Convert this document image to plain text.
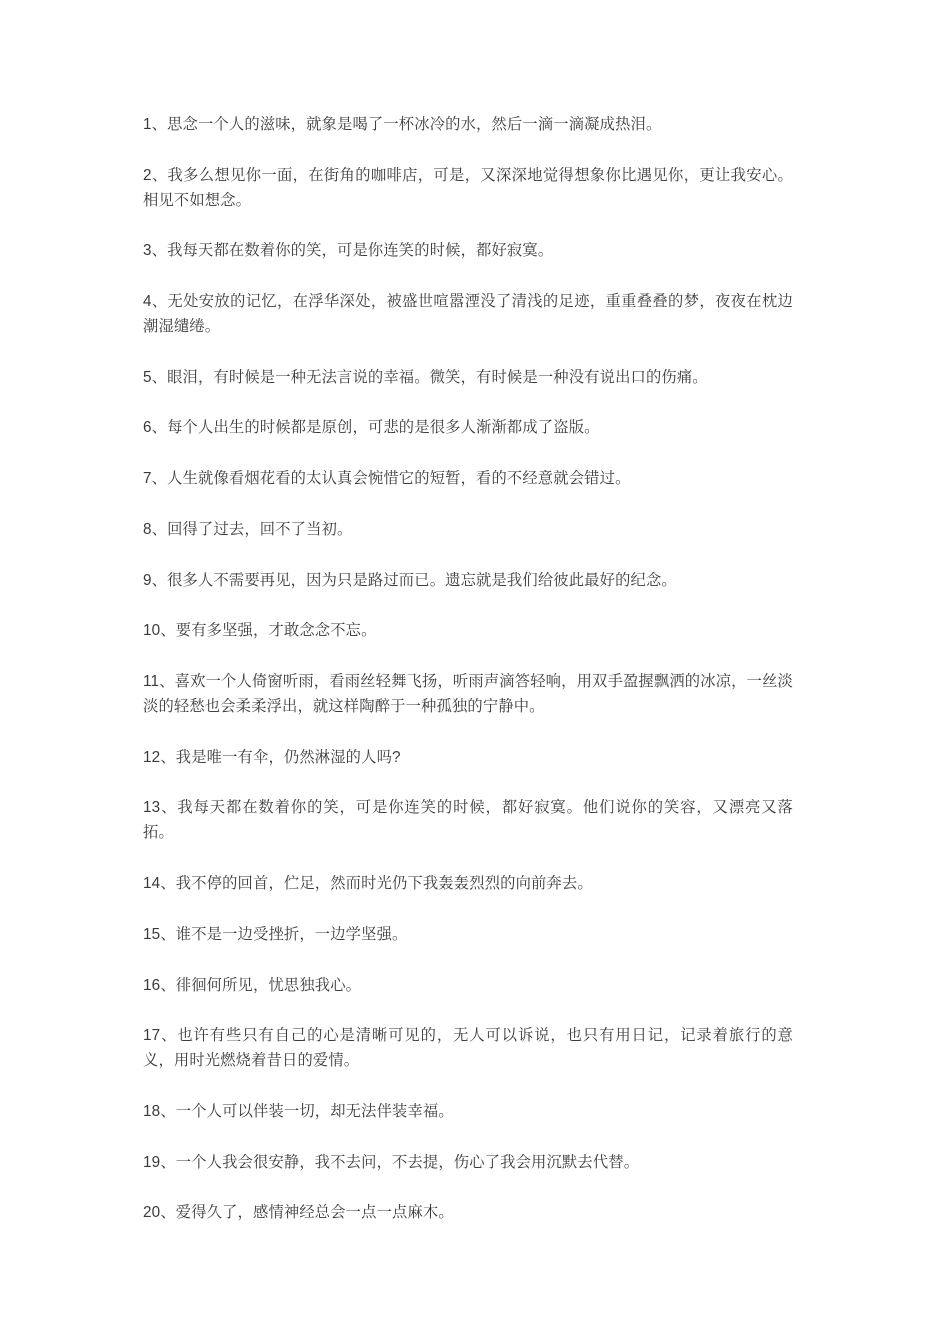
1、思念一个人的滋味，就象是喝了一杯冰冷的水，然后一滴一滴凝成热泪。

2、我多么想见你一面，在街角的咖啡店，可是，又深深地觉得想象你比遇见你，更让我安心。相见不如想念。

3、我每天都在数着你的笑，可是你连笑的时候，都好寂寞。

4、无处安放的记忆，在浮华深处，被盛世喧嚣湮没了清浅的足迹，重重叠叠的梦，夜夜在枕边潮湿缱绻。

5、眼泪，有时候是一种无法言说的幸福。微笑，有时候是一种没有说出口的伤痛。

6、每个人出生的时候都是原创，可悲的是很多人渐渐都成了盗版。

7、人生就像看烟花看的太认真会惋惜它的短暂，看的不经意就会错过。

8、回得了过去，回不了当初。

9、很多人不需要再见，因为只是路过而已。遗忘就是我们给彼此最好的纪念。

10、要有多坚强，才敢念念不忘。

11、喜欢一个人倚窗听雨，看雨丝轻舞飞扬，听雨声滴答轻响，用双手盈握飘洒的冰凉，一丝淡淡的轻愁也会柔柔浮出，就这样陶醉于一种孤独的宁静中。

12、我是唯一有伞，仍然淋湿的人吗?

13、我每天都在数着你的笑，可是你连笑的时候，都好寂寞。他们说你的笑容，又漂亮又落拓。

14、我不停的回首，伫足，然而时光仍下我轰轰烈烈的向前奔去。

15、谁不是一边受挫折，一边学坚强。

16、徘徊何所见，忧思独我心。

17、也许有些只有自己的心是清晰可见的，无人可以诉说，也只有用日记，记录着旅行的意义，用时光燃烧着昔日的爱情。

18、一个人可以伴装一切，却无法伴装幸福。

19、一个人我会很安静，我不去问，不去提，伤心了我会用沉默去代替。

20、爱得久了，感情神经总会一点一点麻木。
